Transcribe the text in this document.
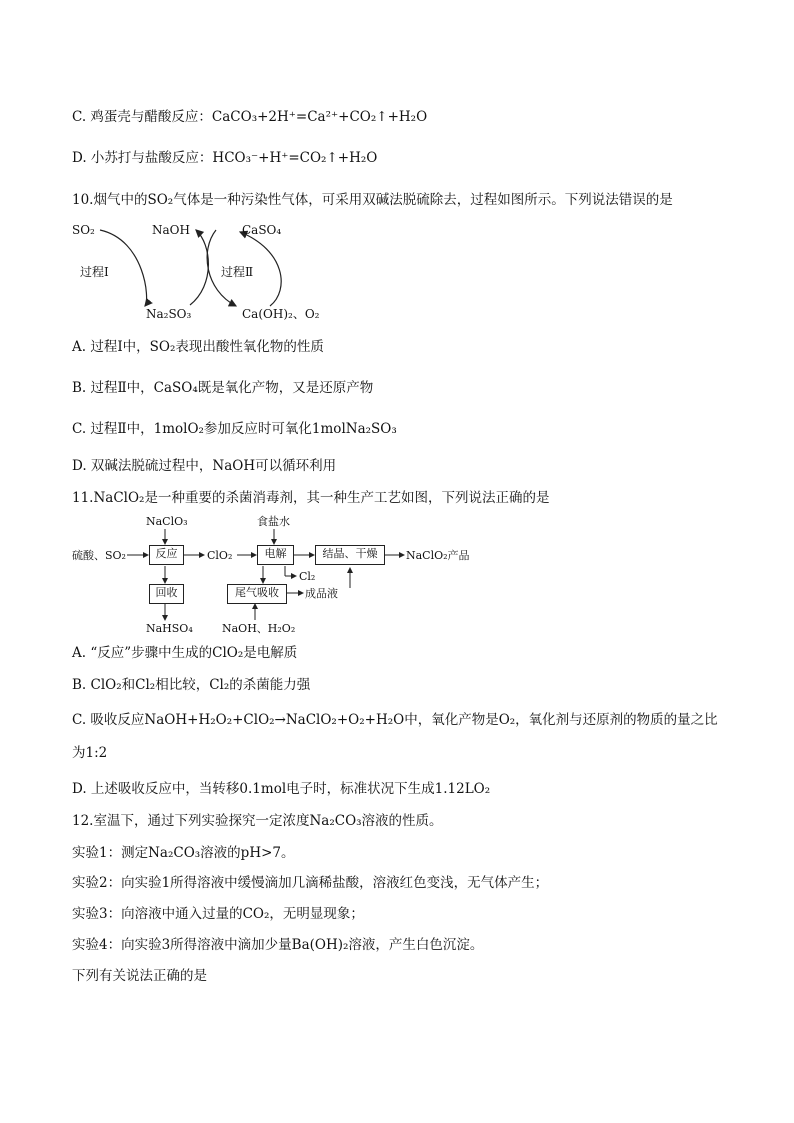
C. 鸡蛋壳与醋酸反应：CaCO₃+2H⁺=Ca²⁺+CO₂↑+H₂O
D. 小苏打与盐酸反应：HCO₃⁻+H⁺=CO₂↑+H₂O
10.烟气中的SO₂气体是一种污染性气体，可采用双碱法脱硫除去，过程如图所示。下列说法错误的是
SO₂	NaOH	CaSO₄
过程Ⅰ	过程Ⅱ
Na₂SO₃	Ca(OH)₂、O₂
A. 过程Ⅰ中，SO₂表现出酸性氧化物的性质
B. 过程Ⅱ中，CaSO₄既是氧化产物，又是还原产物
C. 过程Ⅱ中，1molO₂参加反应时可氧化1molNa₂SO₃
D. 双碱法脱硫过程中，NaOH可以循环利用
11.NaClO₂是一种重要的杀菌消毒剂，其一种生产工艺如图，下列说法正确的是
NaClO₃	食盐水
硫酸、SO₂	反应	ClO₂	电解	结晶、干燥	NaClO₂产品
Cl₂
回收	尾气吸收	成品液
NaHSO₄	NaOH、H₂O₂
A. “反应”步骤中生成的ClO₂是电解质
B. ClO₂和Cl₂相比较，Cl₂的杀菌能力强
C. 吸收反应NaOH+H₂O₂+ClO₂→NaClO₂+O₂+H₂O中，氧化产物是O₂，氧化剂与还原剂的物质的量之比
为1:2
D. 上述吸收反应中，当转移0.1mol电子时，标准状况下生成1.12LO₂
12.室温下，通过下列实验探究一定浓度Na₂CO₃溶液的性质。
实验1：测定Na₂CO₃溶液的pH>7。
实验2：向实验1所得溶液中缓慢滴加几滴稀盐酸，溶液红色变浅，无气体产生；
实验3：向溶液中通入过量的CO₂，无明显现象；
实验4：向实验3所得溶液中滴加少量Ba(OH)₂溶液，产生白色沉淀。
下列有关说法正确的是
